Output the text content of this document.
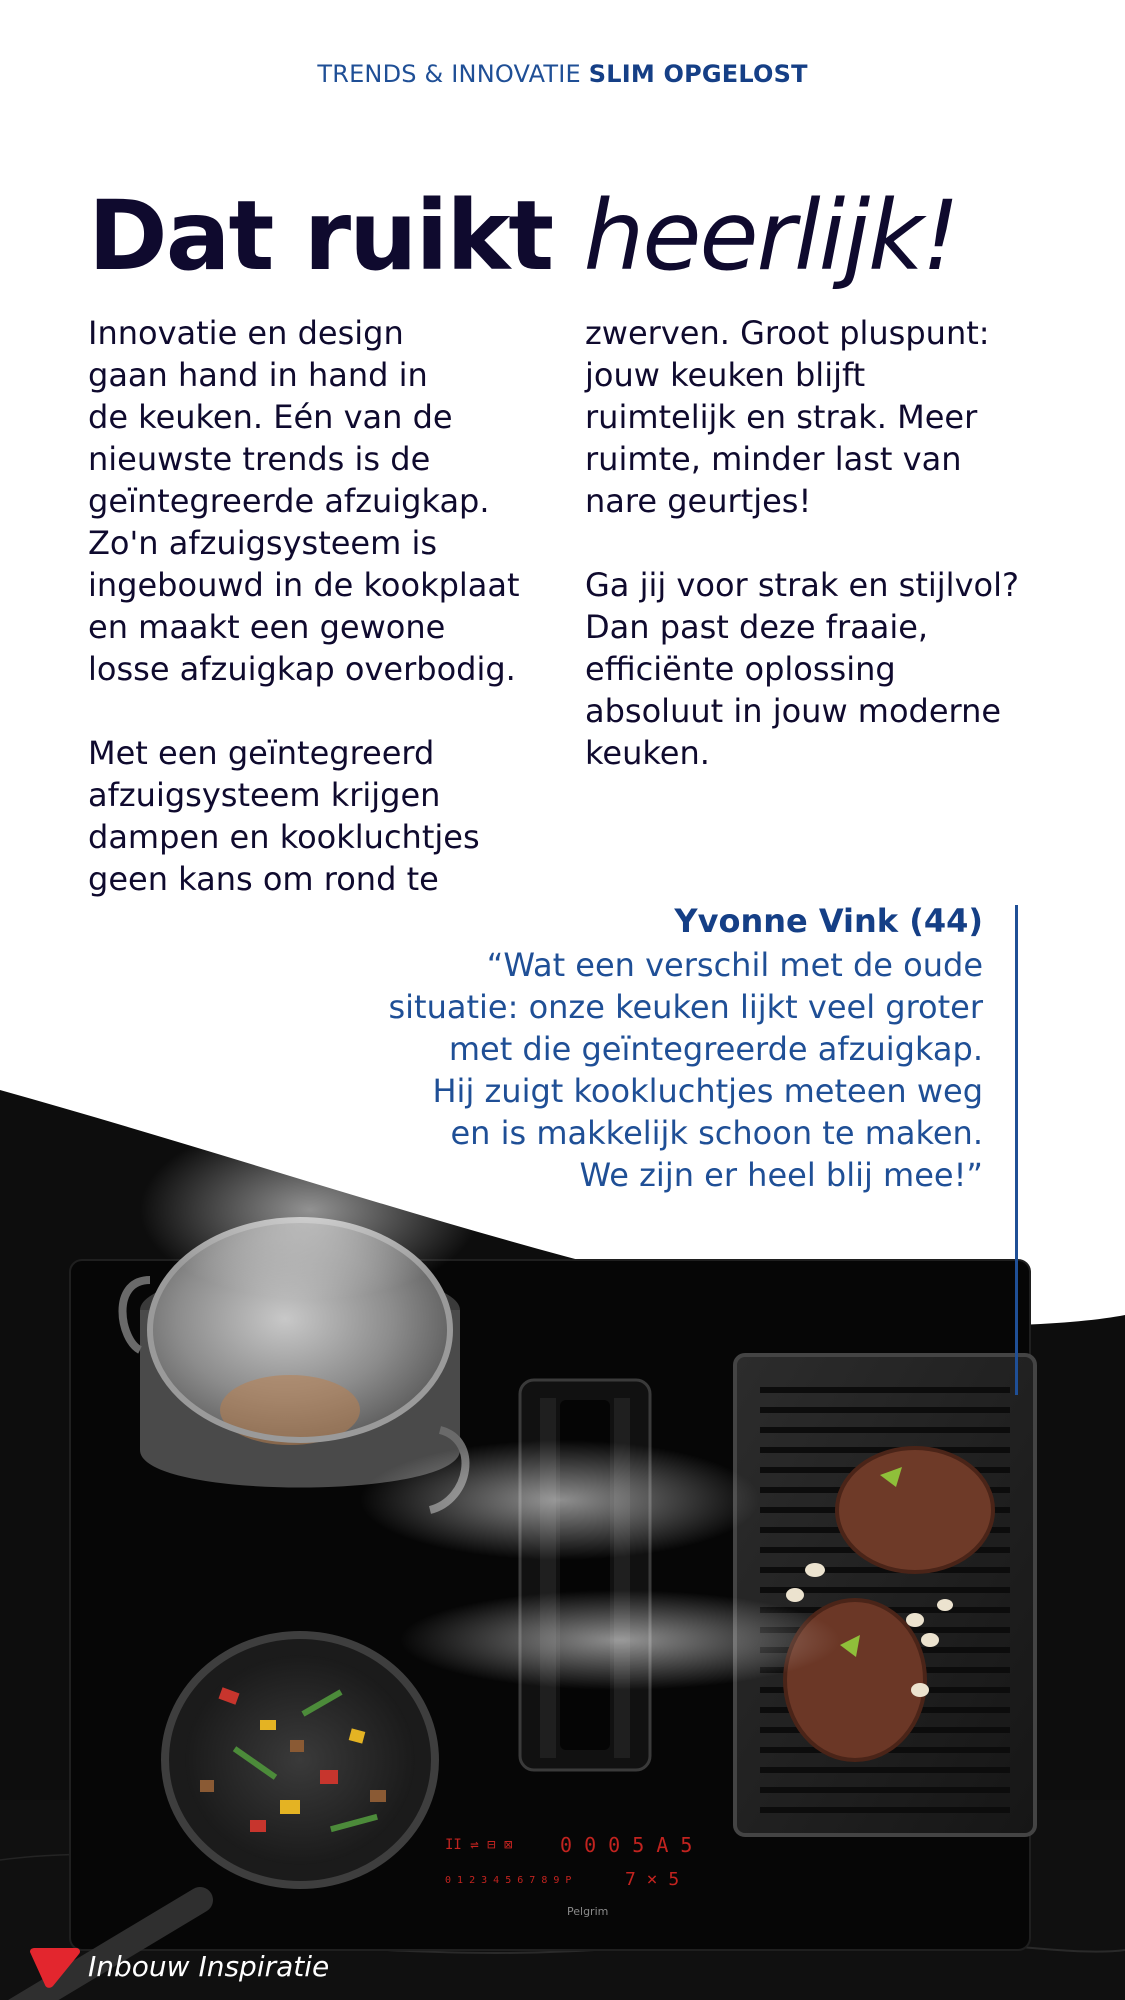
TRENDS & INNOVATIE SLIM OPGELOST
Dat ruikt heerlijk!

Innovatie en design
gaan hand in hand in
de keuken. Eén van de
nieuwste trends is de
geïntegreerde afzuigkap.
Zo'n afzuigsysteem is
ingebouwd in de kookplaat
en maakt een gewone
losse afzuigkap overbodig.

Met een geïntegreerd
afzuigsysteem krijgen
dampen en kookluchtjes
geen kans om rond te

zwerven. Groot pluspunt:
jouw keuken blijft
ruimtelijk en strak. Meer
ruimte, minder last van
nare geurtjes!

Ga jij voor strak en stijlvol?
Dan past deze fraaie,
efficiënte oplossing
absoluut in jouw moderne
keuken.

II ⇌ ⊟ ⊠ 0 0 0 5 A 5
7 × 5
0 1 2 3 4 5 6 7 8 9 P
Pelgrim
Yvonne Vink (44)
“Wat een verschil met de oude
situatie: onze keuken lijkt veel groter
met die geïntegreerde afzuigkap.
Hij zuigt kookluchtjes meteen weg
en is makkelijk schoon te maken.
We zijn er heel blij mee!”
Inbouw Inspiratie
